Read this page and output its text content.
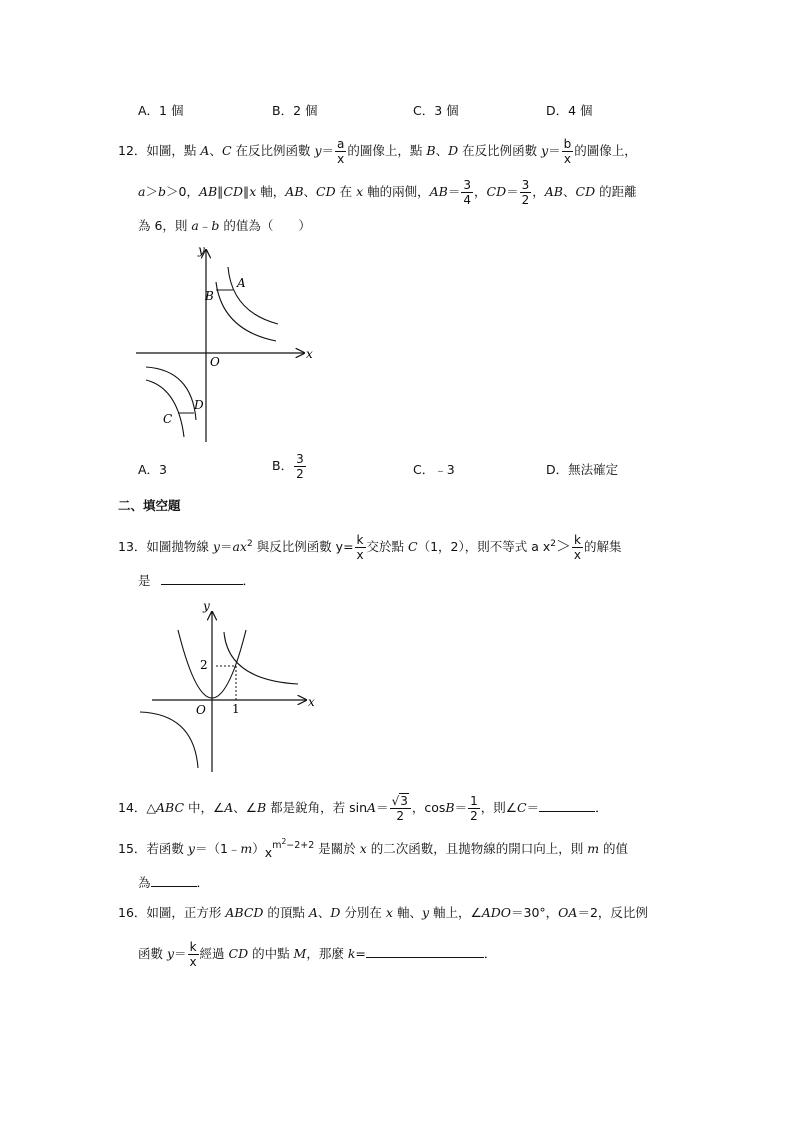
A．1 個	B．2 個	C．3 個	D．4 個
12．如圖，點 A、C 在反比例函數 $y= \frac{a}{x}$ 的圖像上，點 B、D 在反比例函數 $y= \frac{b}{x}$ 的圖像上，
a＞b＞0，AB∥CD∥x 軸，AB、CD 在 x 軸的兩側，$AB= \frac{3}{4}$ ，$CD= \frac{3}{2}$ ，AB、CD 的距離
為 6，則 a﹣b 的值為（　　）
y
x
O
A
B
C
D
A．3	B． $\frac{3}{2}$	C．﹣3	D．無法確定
二、填空題
13．如圖拋物線 $y=ax^2$ 與反比例函數 $y= \frac{k}{x}$ 交於點 C（1，2），則不等式 a $x^2> \frac{k}{x}$ 的解集
是	．
y
x
O
2
1
14．△ABC 中，∠A、∠B 都是銳角，若 $\sin A= \frac{√3}{2}$ ，$\cos B= \frac{1}{2}$ ，則∠C＝	．
15．若函數 $y=(1﹣m)x^{m^2-2+2}$ 是關於 x 的二次函數，且拋物線的開口向上，則 m 的值
為	．
16．如圖，正方形 ABCD 的頂點 A、D 分別在 x 軸、y 軸上，∠ADO＝30°，OA＝2，反比例
函數 $y= \frac{k}{x}$ 經過 CD 的中點 M，那麼 k=	．
